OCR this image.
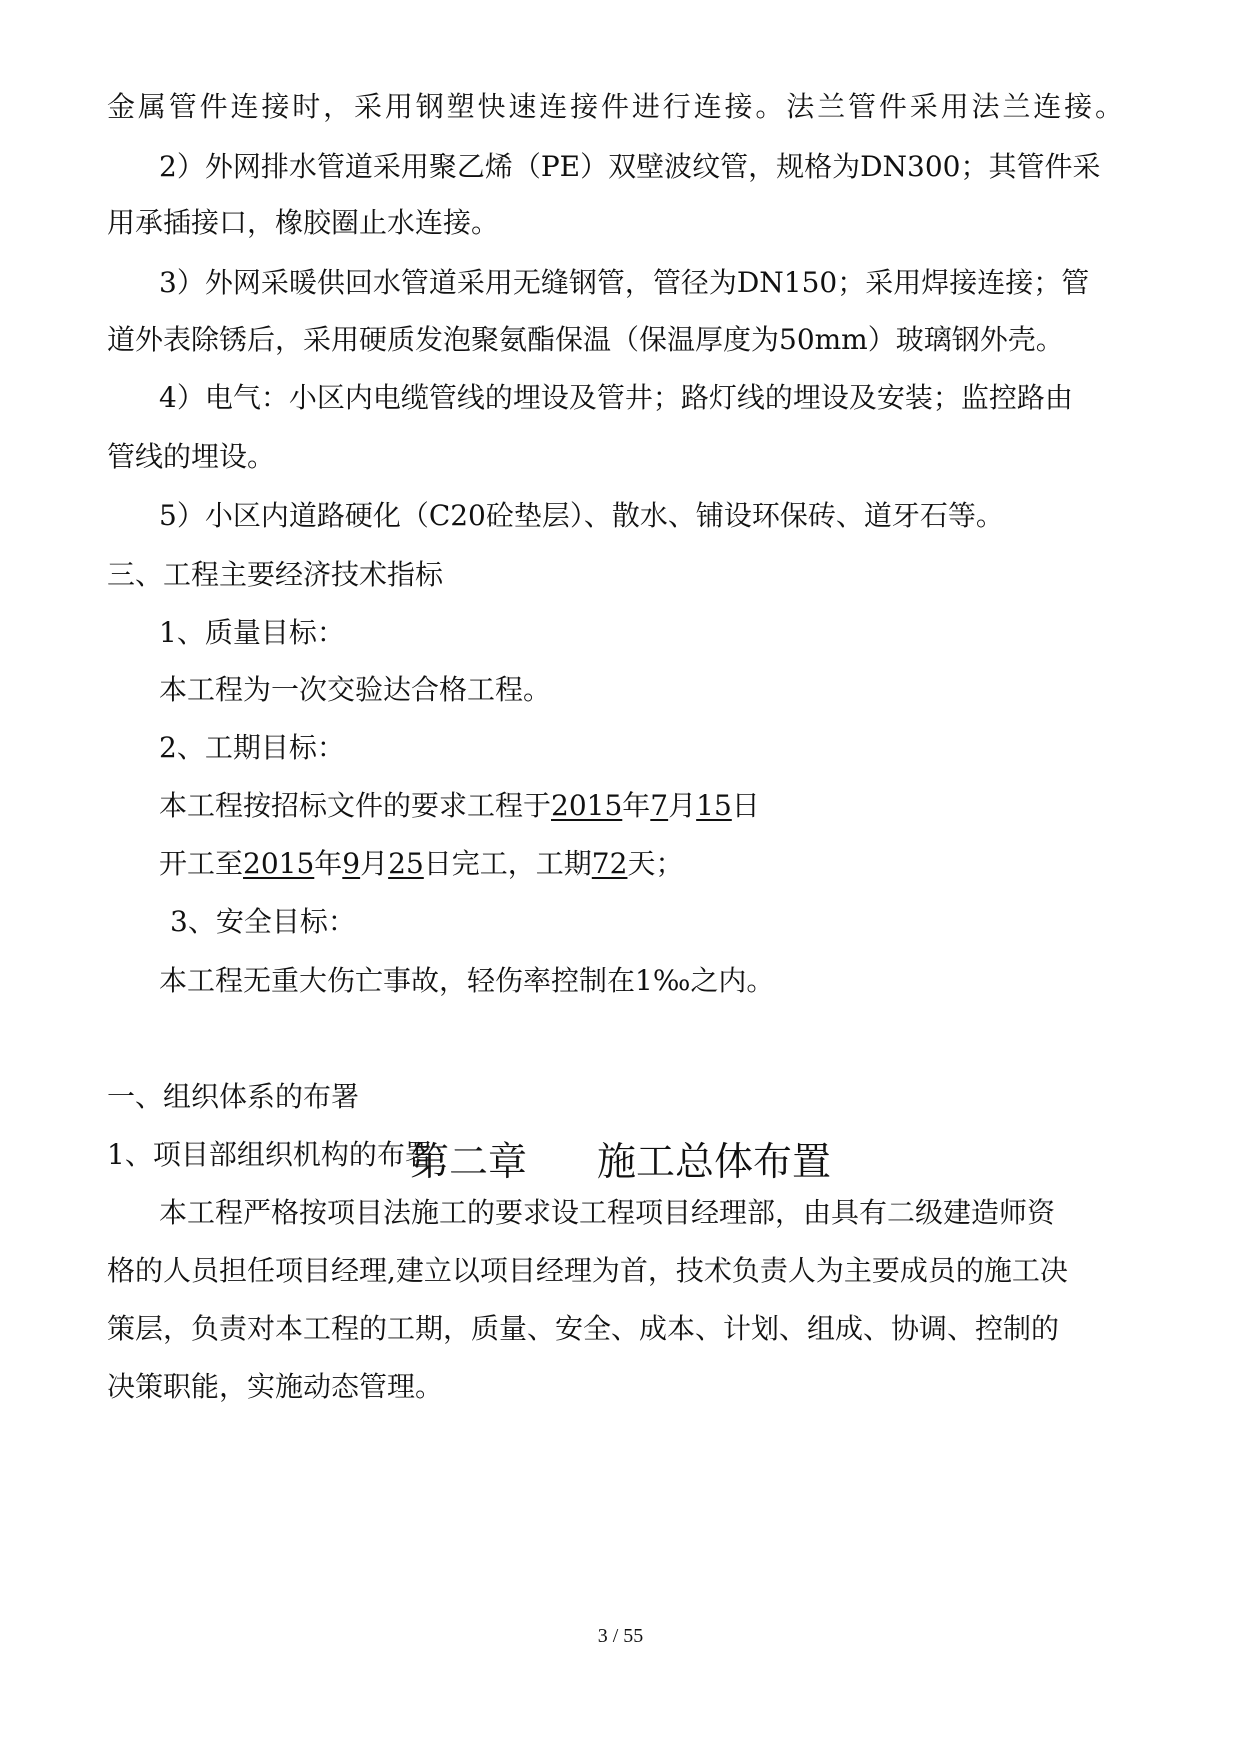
金属管件连接时，采用钢塑快速连接件进行连接。法兰管件采用法兰连接。
2）外网排水管道采用聚乙烯（PE）双壁波纹管，规格为DN300；其管件采
用承插接口，橡胶圈止水连接。
3）外网采暖供回水管道采用无缝钢管，管径为DN150；采用焊接连接；管
道外表除锈后，采用硬质发泡聚氨酯保温（保温厚度为50mm）玻璃钢外壳。
4）电气：小区内电缆管线的埋设及管井；路灯线的埋设及安装；监控路由
管线的埋设。
5）小区内道路硬化（C20砼垫层）、散水、铺设环保砖、道牙石等。
三、工程主要经济技术指标
1、质量目标：
本工程为一次交验达合格工程。
2、工期目标：
本工程按招标文件的要求工程于2015年7月15日
开工至2015年9月25日完工，工期72天；
3、安全目标：
本工程无重大伤亡事故，轻伤率控制在1‰之内。
第二章 施工总体布置
一、组织体系的布署
1、项目部组织机构的布署
本工程严格按项目法施工的要求设工程项目经理部，由具有二级建造师资
格的人员担任项目经理,建立以项目经理为首，技术负责人为主要成员的施工决
策层，负责对本工程的工期，质量、安全、成本、计划、组成、协调、控制的
决策职能，实施动态管理。
3 / 55
